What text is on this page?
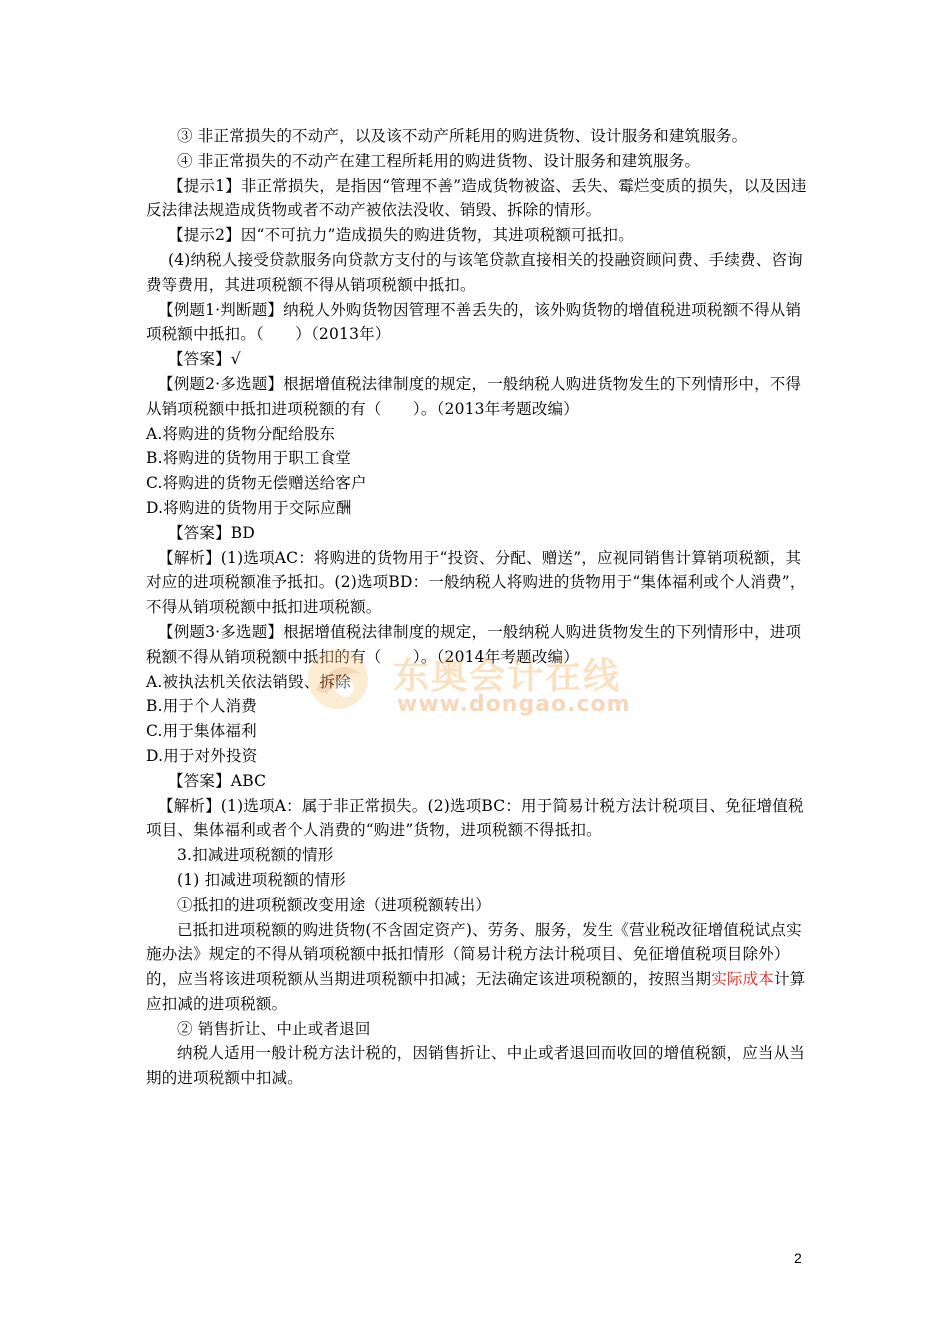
③ 非正常损失的不动产，以及该不动产所耗用的购进货物、设计服务和建筑服务。

④ 非正常损失的不动产在建工程所耗用的购进货物、设计服务和建筑服务。

【提示1】非正常损失，是指因“管理不善”造成货物被盗、丢失、霉烂变质的损失，以及因违反法律法规造成货物或者不动产被依法没收、销毁、拆除的情形。

【提示2】因“不可抗力”造成损失的购进货物，其进项税额可抵扣。

(4)纳税人接受贷款服务向贷款方支付的与该笔贷款直接相关的投融资顾问费、手续费、咨询费等费用，其进项税额不得从销项税额中抵扣。

【例题1·判断题】纳税人外购货物因管理不善丢失的，该外购货物的增值税进项税额不得从销项税额中抵扣。（　　）（2013年）

【答案】√

【例题2·多选题】根据增值税法律制度的规定，一般纳税人购进货物发生的下列情形中，不得从销项税额中抵扣进项税额的有（　　）。（2013年考题改编）

A.将购进的货物分配给股东

B.将购进的货物用于职工食堂

C.将购进的货物无偿赠送给客户

D.将购进的货物用于交际应酬

【答案】BD

【解析】(1)选项AC：将购进的货物用于“投资、分配、赠送”，应视同销售计算销项税额，其对应的进项税额准予抵扣。(2)选项BD：一般纳税人将购进的货物用于“集体福利或个人消费”，不得从销项税额中抵扣进项税额。

【例题3·多选题】根据增值税法律制度的规定，一般纳税人购进货物发生的下列情形中，进项税额不得从销项税额中抵扣的有（　　）。（2014年考题改编）

A.被执法机关依法销毁、拆除

B.用于个人消费

C.用于集体福利

D.用于对外投资

【答案】ABC

【解析】(1)选项A：属于非正常损失。(2)选项BC：用于简易计税方法计税项目、免征增值税项目、集体福利或者个人消费的“购进”货物，进项税额不得抵扣。

3.扣减进项税额的情形

(1) 扣减进项税额的情形

①抵扣的进项税额改变用途（进项税额转出）

已抵扣进项税额的购进货物(不含固定资产)、劳务、服务，发生《营业税改征增值税试点实施办法》规定的不得从销项税额中抵扣情形（简易计税方法计税项目、免征增值税项目除外）的，应当将该进项税额从当期进项税额中扣减；无法确定该进项税额的，按照当期实际成本计算应扣减的进项税额。

② 销售折让、中止或者退回

纳税人适用一般计税方法计税的，因销售折让、中止或者退回而收回的增值税额，应当从当期的进项税额中扣减。

东奥会计在线
www.dongao.com
2
